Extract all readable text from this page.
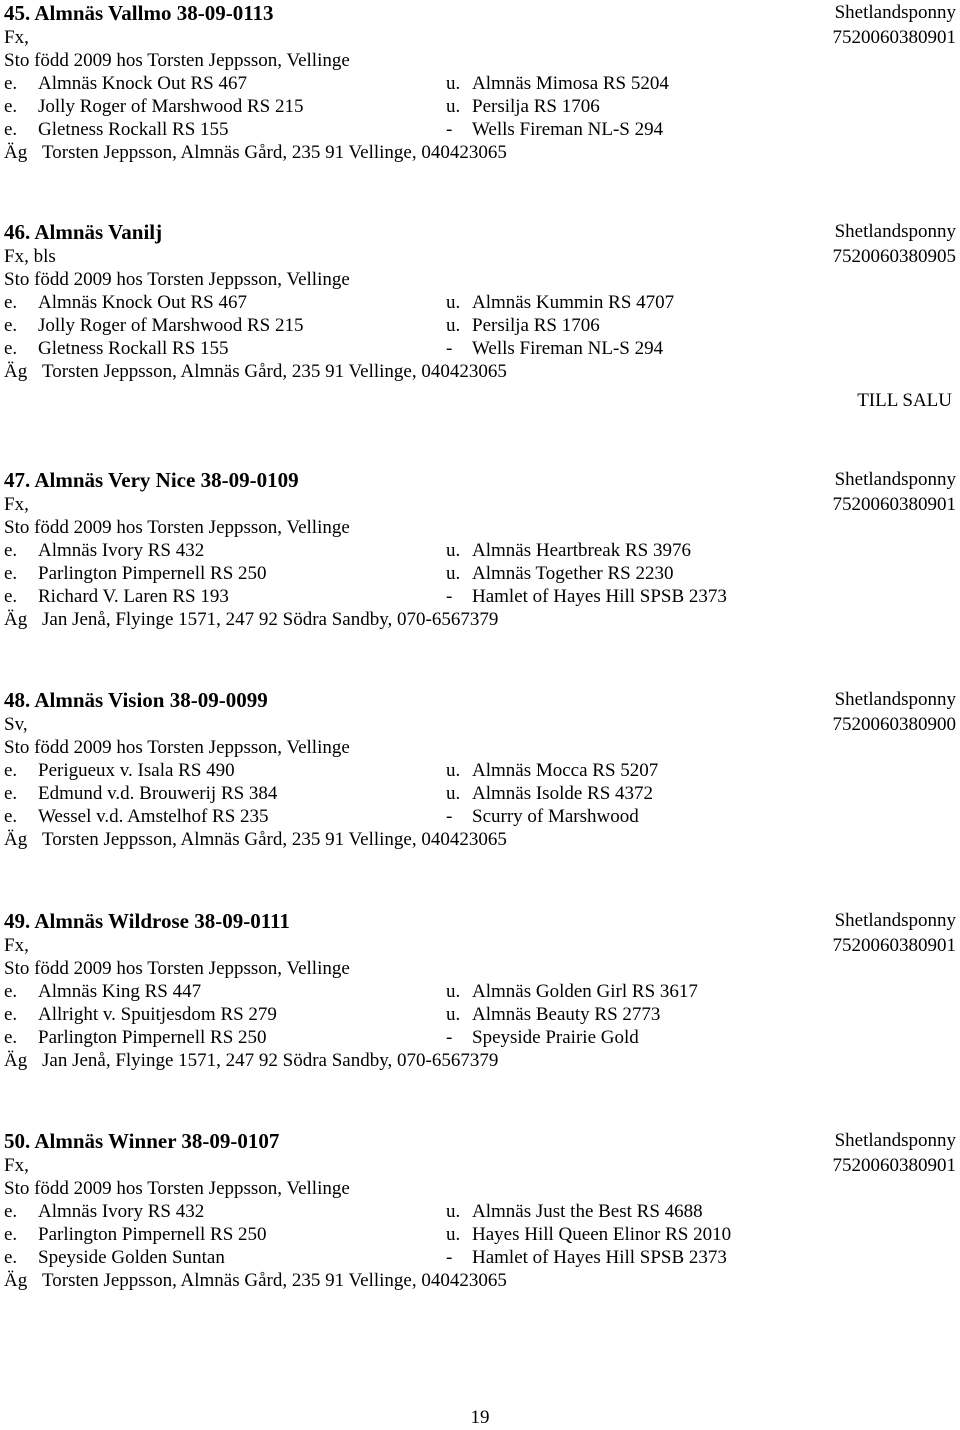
45. Almnäs Vallmo 38-09-0113	Shetlandsponny
Fx,	7520060380901
Sto född 2009 hos Torsten Jeppsson, Vellinge
e. Almnäs Knock Out RS 467	u. Almnäs Mimosa RS 5204
e. Jolly Roger of Marshwood RS 215	u. Persilja RS 1706
e. Gletness Rockall RS 155	- Wells Fireman NL-S 294
Äg Torsten Jeppsson, Almnäs Gård, 235 91 Vellinge, 040423065
46. Almnäs Vanilj	Shetlandsponny
Fx, bls	7520060380905
Sto född 2009 hos Torsten Jeppsson, Vellinge
e. Almnäs Knock Out RS 467	u. Almnäs Kummin RS 4707
e. Jolly Roger of Marshwood RS 215	u. Persilja RS 1706
e. Gletness Rockall RS 155	- Wells Fireman NL-S 294
Äg Torsten Jeppsson, Almnäs Gård, 235 91 Vellinge, 040423065
TILL SALU
47. Almnäs Very Nice 38-09-0109	Shetlandsponny
Fx,	7520060380901
Sto född 2009 hos Torsten Jeppsson, Vellinge
e. Almnäs Ivory RS 432	u. Almnäs Heartbreak RS 3976
e. Parlington Pimpernell RS 250	u. Almnäs Together RS 2230
e. Richard V. Laren RS 193	- Hamlet of Hayes Hill SPSB 2373
Äg Jan Jenå, Flyinge 1571, 247 92 Södra Sandby, 070-6567379
48. Almnäs Vision 38-09-0099	Shetlandsponny
Sv,	7520060380900
Sto född 2009 hos Torsten Jeppsson, Vellinge
e. Perigueux v. Isala RS 490	u. Almnäs Mocca RS 5207
e. Edmund v.d. Brouwerij RS 384	u. Almnäs Isolde RS 4372
e. Wessel v.d. Amstelhof RS 235	- Scurry of Marshwood
Äg Torsten Jeppsson, Almnäs Gård, 235 91 Vellinge, 040423065
49. Almnäs Wildrose 38-09-0111	Shetlandsponny
Fx,	7520060380901
Sto född 2009 hos Torsten Jeppsson, Vellinge
e. Almnäs King RS 447	u. Almnäs Golden Girl RS 3617
e. Allright v. Spuitjesdom RS 279	u. Almnäs Beauty RS 2773
e. Parlington Pimpernell RS 250	- Speyside Prairie Gold
Äg Jan Jenå, Flyinge 1571, 247 92 Södra Sandby, 070-6567379
50. Almnäs Winner 38-09-0107	Shetlandsponny
Fx,	7520060380901
Sto född 2009 hos Torsten Jeppsson, Vellinge
e. Almnäs Ivory RS 432	u. Almnäs Just the Best RS 4688
e. Parlington Pimpernell RS 250	u. Hayes Hill Queen Elinor RS 2010
e. Speyside Golden Suntan	- Hamlet of Hayes Hill SPSB 2373
Äg Torsten Jeppsson, Almnäs Gård, 235 91 Vellinge, 040423065
19
